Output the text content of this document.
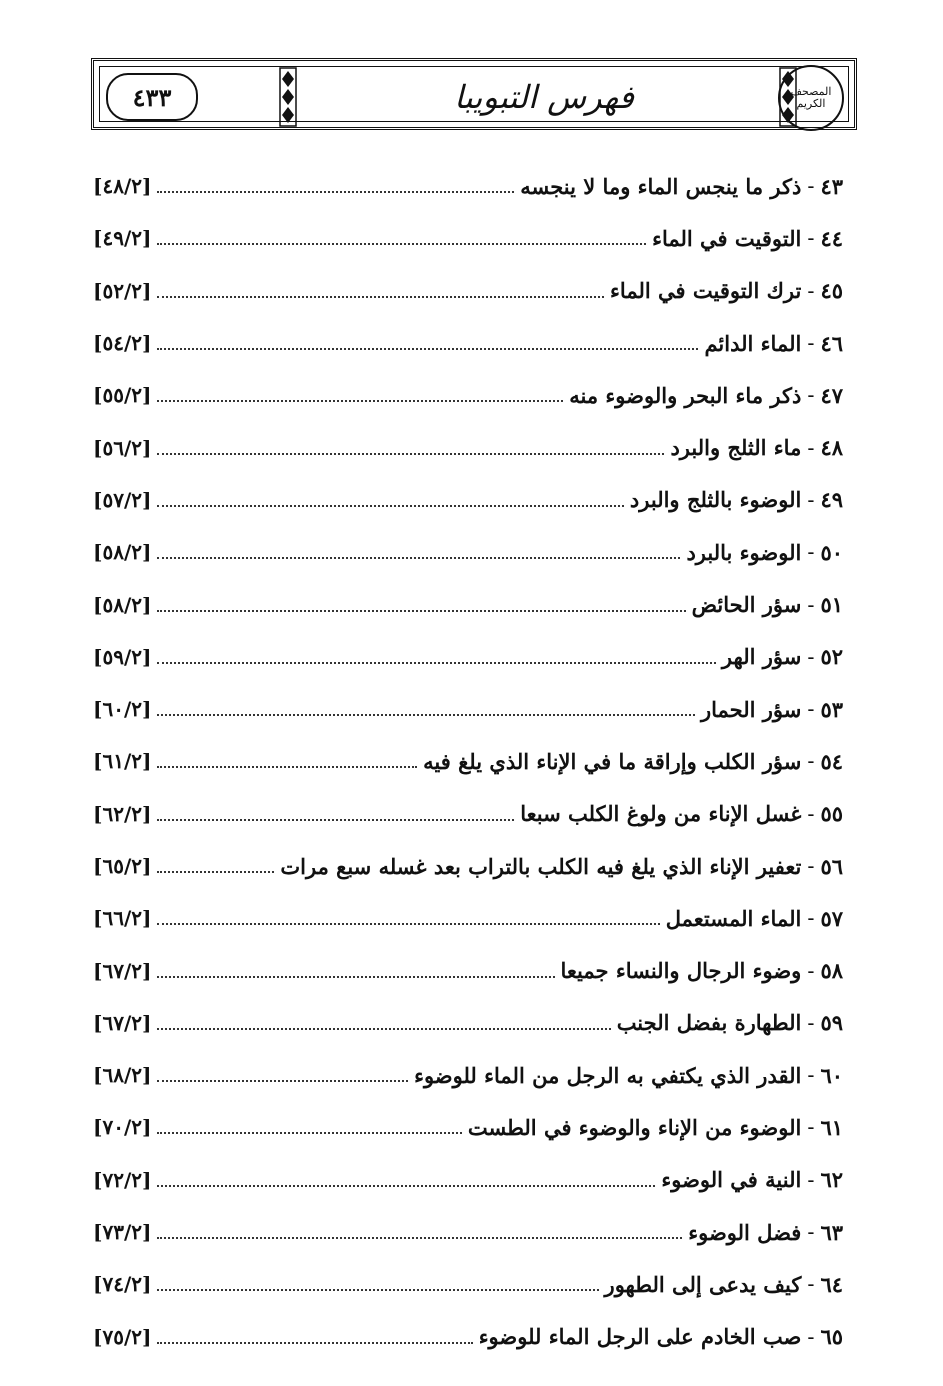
٤٣٣	فهرس التبويبا	المصحف الكريم
٤٣
-
ذكر ما ينجس الماء وما لا ينجسه
[٤٨/٢]
٤٤
-
التوقيت في الماء
[٤٩/٢]
٤٥
-
ترك التوقيت في الماء
[٥٢/٢]
٤٦
-
الماء الدائم
[٥٤/٢]
٤٧
-
ذكر ماء البحر والوضوء منه
[٥٥/٢]
٤٨
-
ماء الثلج والبرد
[٥٦/٢]
٤٩
-
الوضوء بالثلج والبرد
[٥٧/٢]
٥٠
-
الوضوء بالبرد
[٥٨/٢]
٥١
-
سؤر الحائض
[٥٨/٢]
٥٢
-
سؤر الهر
[٥٩/٢]
٥٣
-
سؤر الحمار
[٦٠/٢]
٥٤
-
سؤر الكلب وإراقة ما في الإناء الذي يلغ فيه
[٦١/٢]
٥٥
-
غسل الإناء من ولوغ الكلب سبعا
[٦٢/٢]
٥٦
-
تعفير الإناء الذي يلغ فيه الكلب بالتراب بعد غسله سبع مرات
[٦٥/٢]
٥٧
-
الماء المستعمل
[٦٦/٢]
٥٨
-
وضوء الرجال والنساء جميعا
[٦٧/٢]
٥٩
-
الطهارة بفضل الجنب
[٦٧/٢]
٦٠
-
القدر الذي يكتفي به الرجل من الماء للوضوء
[٦٨/٢]
٦١
-
الوضوء من الإناء والوضوء في الطست
[٧٠/٢]
٦٢
-
النية في الوضوء
[٧٢/٢]
٦٣
-
فضل الوضوء
[٧٣/٢]
٦٤
-
كيف يدعى إلى الطهور
[٧٤/٢]
٦٥
-
صب الخادم على الرجل الماء للوضوء
[٧٥/٢]
